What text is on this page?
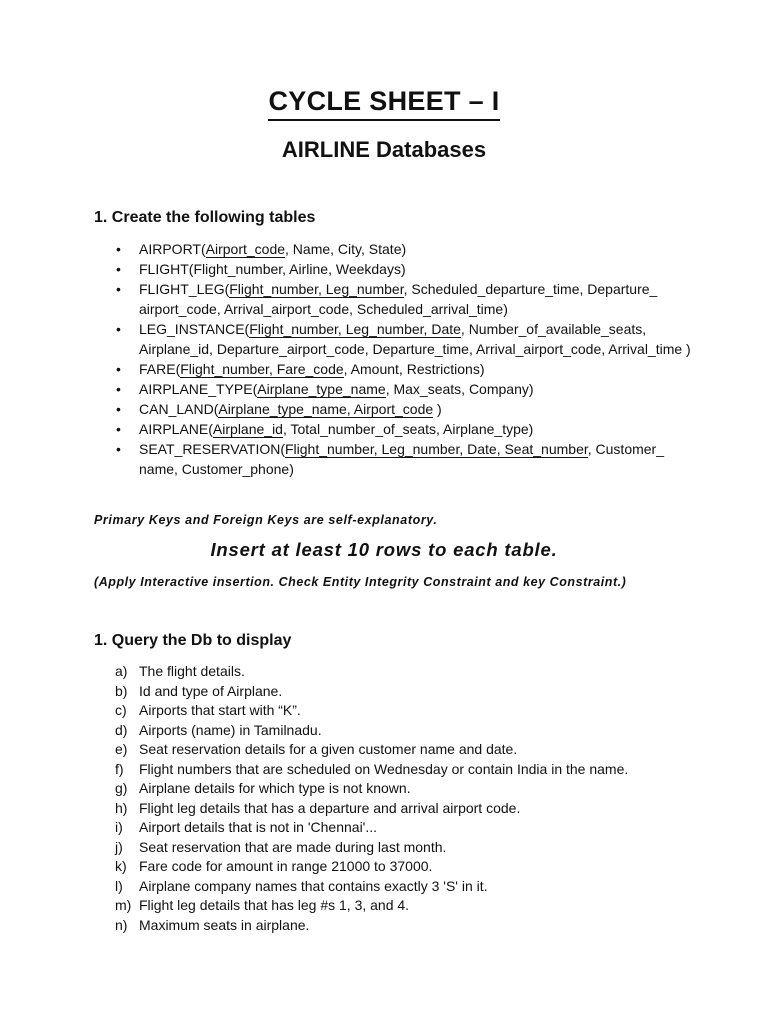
CYCLE SHEET – I
AIRLINE Databases
1. Create the following tables
• AIRPORT(Airport_code, Name, City, State)
• FLIGHT(Flight_number, Airline, Weekdays)
• FLIGHT_LEG(Flight_number, Leg_number, Scheduled_departure_time, Departure_ airport_code, Arrival_airport_code, Scheduled_arrival_time)
• LEG_INSTANCE(Flight_number, Leg_number, Date, Number_of_available_seats, Airplane_id, Departure_airport_code, Departure_time, Arrival_airport_code, Arrival_time )
• FARE(Flight_number, Fare_code, Amount, Restrictions)
• AIRPLANE_TYPE(Airplane_type_name, Max_seats, Company)
• CAN_LAND(Airplane_type_name, Airport_code )
• AIRPLANE(Airplane_id, Total_number_of_seats, Airplane_type)
• SEAT_RESERVATION(Flight_number, Leg_number, Date, Seat_number, Customer_ name, Customer_phone)
Primary Keys and Foreign Keys are self-explanatory.
Insert at least 10 rows to each table.
(Apply Interactive insertion. Check Entity Integrity Constraint and key Constraint.)
1. Query the Db to display
a) The flight details.
b) Id and type of Airplane.
c) Airports that start with “K”.
d) Airports (name) in Tamilnadu.
e) Seat reservation details for a given customer name and date.
f) Flight numbers that are scheduled on Wednesday or contain India in the name.
g) Airplane details for which type is not known.
h) Flight leg details that has a departure and arrival airport code.
i) Airport details that is not in 'Chennai'...
j) Seat reservation that are made during last month.
k) Fare code for amount in range 21000 to 37000.
l) Airplane company names that contains exactly 3 'S' in it.
m) Flight leg details that has leg #s 1, 3, and 4.
n) Maximum seats in airplane.
